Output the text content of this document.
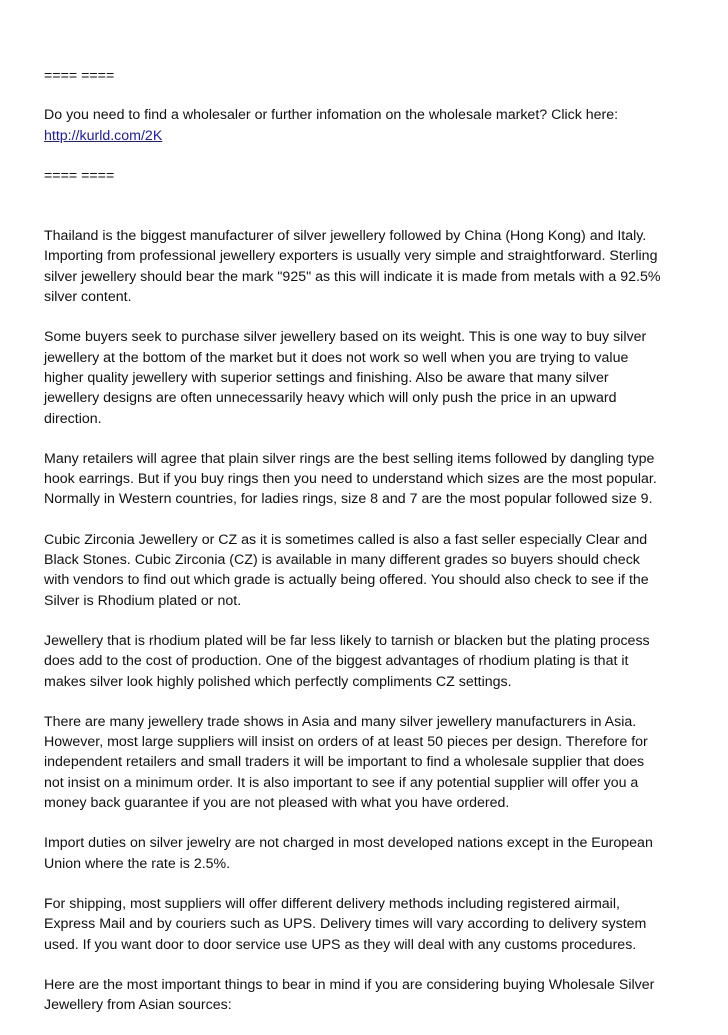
==== ====
Do you need to find a wholesaler or further infomation on the wholesale market? Click here:
http://kurld.com/2K
==== ====
Thailand is the biggest manufacturer of silver jewellery followed by China (Hong Kong) and Italy.
Importing from professional jewellery exporters is usually very simple and straightforward. Sterling
silver jewellery should bear the mark "925" as this will indicate it is made from metals with a 92.5%
silver content.
Some buyers seek to purchase silver jewellery based on its weight. This is one way to buy silver
jewellery at the bottom of the market but it does not work so well when you are trying to value
higher quality jewellery with superior settings and finishing. Also be aware that many silver
jewellery designs are often unnecessarily heavy which will only push the price in an upward
direction.
Many retailers will agree that plain silver rings are the best selling items followed by dangling type
hook earrings. But if you buy rings then you need to understand which sizes are the most popular.
Normally in Western countries, for ladies rings, size 8 and 7 are the most popular followed size 9.
Cubic Zirconia Jewellery or CZ as it is sometimes called is also a fast seller especially Clear and
Black Stones. Cubic Zirconia (CZ) is available in many different grades so buyers should check
with vendors to find out which grade is actually being offered. You should also check to see if the
Silver is Rhodium plated or not.
Jewellery that is rhodium plated will be far less likely to tarnish or blacken but the plating process
does add to the cost of production. One of the biggest advantages of rhodium plating is that it
makes silver look highly polished which perfectly compliments CZ settings.
There are many jewellery trade shows in Asia and many silver jewellery manufacturers in Asia.
However, most large suppliers will insist on orders of at least 50 pieces per design. Therefore for
independent retailers and small traders it will be important to find a wholesale supplier that does
not insist on a minimum order. It is also important to see if any potential supplier will offer you a
money back guarantee if you are not pleased with what you have ordered.
Import duties on silver jewelry are not charged in most developed nations except in the European
Union where the rate is 2.5%.
For shipping, most suppliers will offer different delivery methods including registered airmail,
Express Mail and by couriers such as UPS. Delivery times will vary according to delivery system
used. If you want door to door service use UPS as they will deal with any customs procedures.
Here are the most important things to bear in mind if you are considering buying Wholesale Silver
Jewellery from Asian sources:
